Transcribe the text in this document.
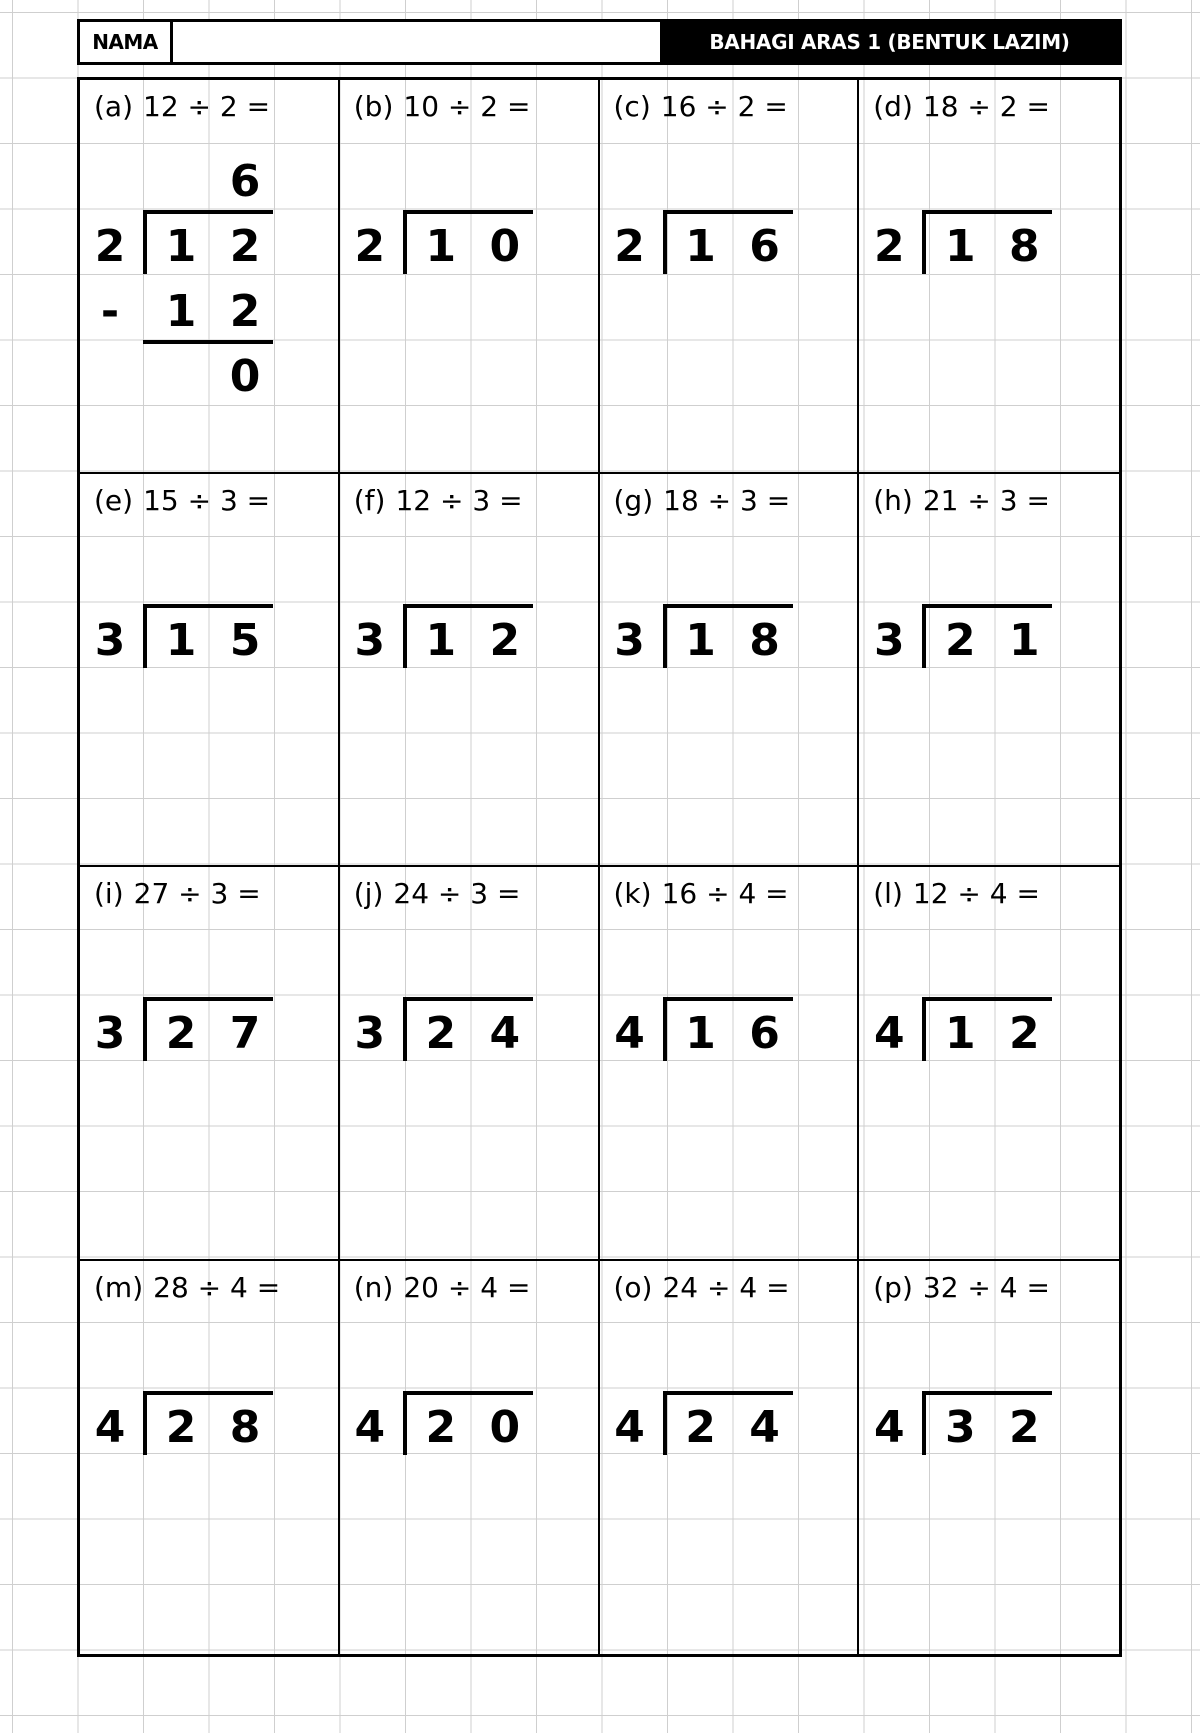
NAMA	BAHAGI ARAS 1 (BENTUK LAZIM)
(a) 12 ÷ 2 =
6
2 1 2
-	1 2
0
(b) 10 ÷ 2 =
2 1 0
(c) 16 ÷ 2 =
2 1 6
(d) 18 ÷ 2 =
2 1 8
(e) 15 ÷ 3 =
3 1 5
(f) 12 ÷ 3 =
3 1 2
(g) 18 ÷ 3 =
3 1 8
(h) 21 ÷ 3 =
3 2 1
(i) 27 ÷ 3 =
3 2 7
(j) 24 ÷ 3 =
3 2 4
(k) 16 ÷ 4 =
4 1 6
(l) 12 ÷ 4 =
4 1 2
(m) 28 ÷ 4 =
4 2 8
(n) 20 ÷ 4 =
4 2 0
(o) 24 ÷ 4 =
4 2 4
(p) 32 ÷ 4 =
4 3 2
